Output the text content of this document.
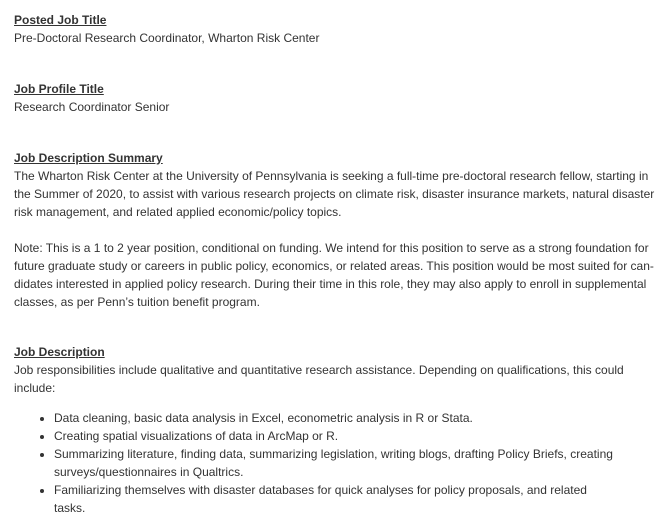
Posted Job Title
Pre-Doctoral Research Coordinator, Wharton Risk Center
Job Profile Title
Research Coordinator Senior
Job Description Summary

The Wharton Risk Center at the University of Pennsylvania is seeking a full-time pre-doctoral research fellow, starting in the Summer of 2020, to assist with various research projects on climate risk, disaster insurance markets, natural disaster risk management, and related applied economic/policy topics.

Note: This is a 1 to 2 year position, conditional on funding. We intend for this position to serve as a strong foundation for future graduate study or careers in public policy, economics, or related areas. This position would be most suited for candidates interested in applied policy research. During their time in this role, they may also apply to enroll in supplemental classes, as per Penn’s tuition benefit program.

Job Description

Job responsibilities include qualitative and quantitative research assistance. Depending on qualifications, this could include:

• Data cleaning, basic data analysis in Excel, econometric analysis in R or Stata.
• Creating spatial visualizations of data in ArcMap or R.
• Summarizing literature, finding data, summarizing legislation, writing blogs, drafting Policy Briefs, creating surveys/questionnaires in Qualtrics.
• Familiarizing themselves with disaster databases for quick analyses for policy proposals, and related tasks.
